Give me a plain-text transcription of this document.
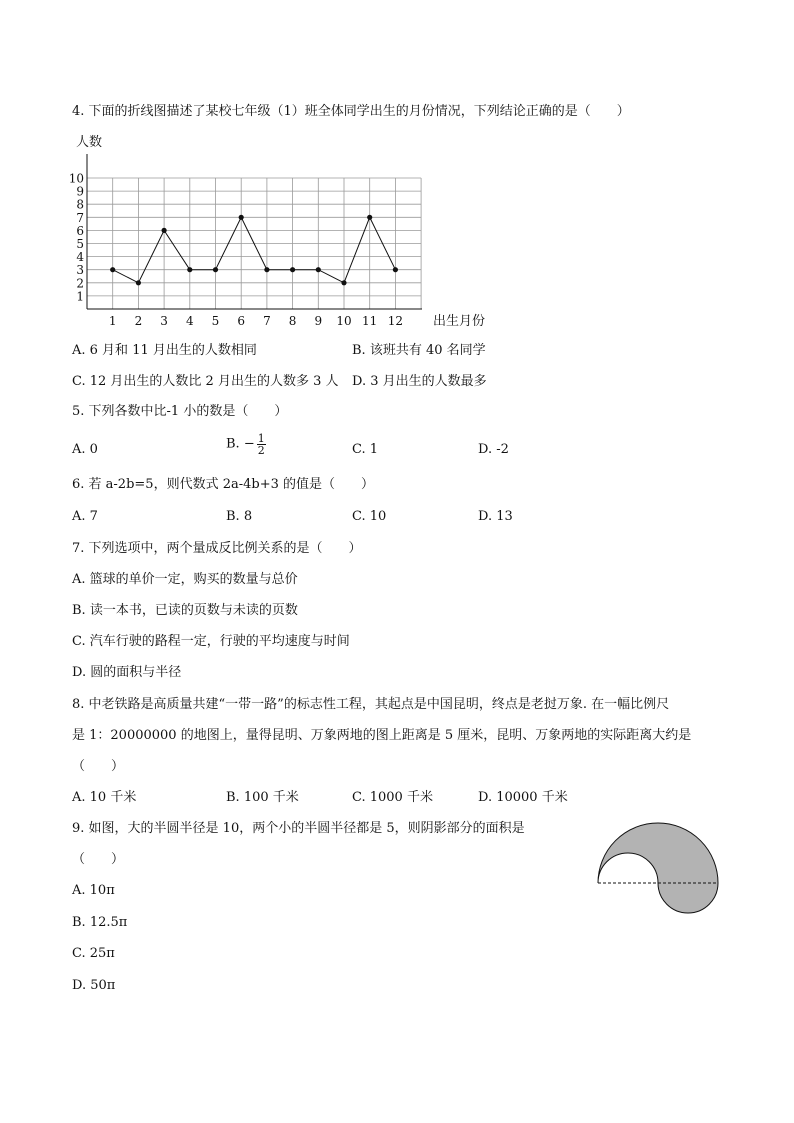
4. 下面的折线图描述了某校七年级（1）班全体同学出生的月份情况，下列结论正确的是（　　）
1
2
3
4
5
6
7
8
9
10
1 2 3 4 5 6 7 8 9 10 11 12
人数
出生月份
A. 6 月和 11 月出生的人数相同	B. 该班共有 40 名同学
C. 12 月出生的人数比 2 月出生的人数多 3 人 D. 3 月出生的人数最多
5. 下列各数中比-1 小的数是（　　）
A. 0	B. − $\frac{1}{2}$	C. 1	D. -2
6. 若 a-2b=5，则代数式 2a-4b+3 的值是（　　）
A. 7	B. 8	C. 10	D. 13
7. 下列选项中，两个量成反比例关系的是（　　）
A. 篮球的单价一定，购买的数量与总价
B. 读一本书，已读的页数与未读的页数
C. 汽车行驶的路程一定，行驶的平均速度与时间
D. 圆的面积与半径
8. 中老铁路是高质量共建“一带一路”的标志性工程，其起点是中国昆明，终点是老挝万象. 在一幅比例尺
是 1：20000000 的地图上，量得昆明、万象两地的图上距离是 5 厘米，昆明、万象两地的实际距离大约是
（　　）
A. 10 千米	B. 100 千米	C. 1000 千米	D. 10000 千米
9. 如图，大的半圆半径是 10，两个小的半圆半径都是 5，则阴影部分的面积是
（　　）
A. 10π
B. 12.5π
C. 25π
D. 50π
